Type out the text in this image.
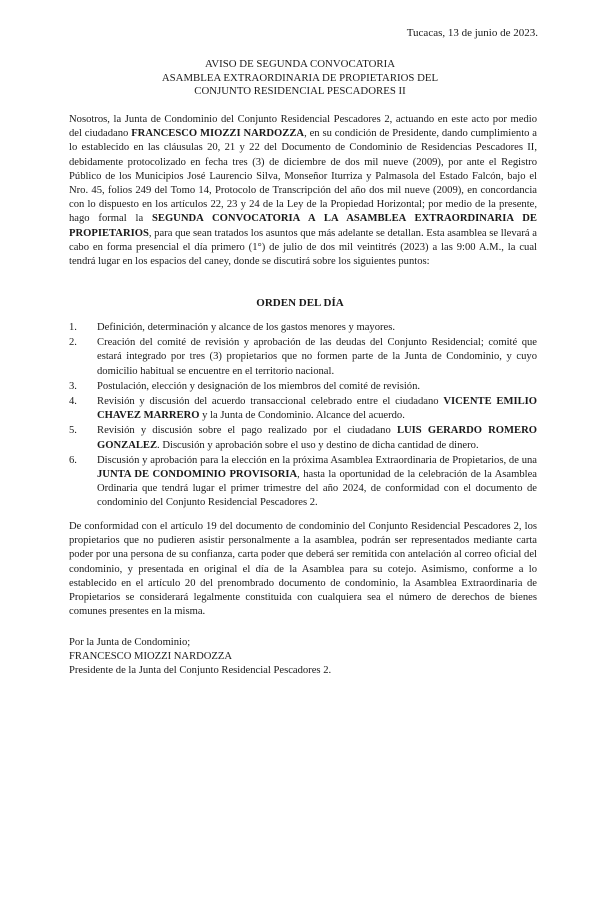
Tucacas, 13 de junio de 2023.
AVISO DE SEGUNDA CONVOCATORIA
ASAMBLEA EXTRAORDINARIA DE PROPIETARIOS DEL
CONJUNTO RESIDENCIAL PESCADORES II
Nosotros, la Junta de Condominio del Conjunto Residencial Pescadores 2, actuando en este acto por medio del ciudadano FRANCESCO MIOZZI NARDOZZA, en su condición de Presidente, dando cumplimiento a lo establecido en las cláusulas 20, 21 y 22 del Documento de Condominio de Residencias Pescadores II, debidamente protocolizado en fecha tres (3) de diciembre de dos mil nueve (2009), por ante el Registro Público de los Municipios José Laurencio Silva, Monseñor Iturriza y Palmasola del Estado Falcón, bajo el Nro. 45, folios 249 del Tomo 14, Protocolo de Transcripción del año dos mil nueve (2009), en concordancia con lo dispuesto en los artículos 22, 23 y 24 de la Ley de la Propiedad Horizontal; por medio de la presente, hago formal la SEGUNDA CONVOCATORIA A LA ASAMBLEA EXTRAORDINARIA DE PROPIETARIOS, para que sean tratados los asuntos que más adelante se detallan. Esta asamblea se llevará a cabo en forma presencial el día primero (1°) de julio de dos mil veintitrés (2023) a las 9:00 A.M., la cual tendrá lugar en los espacios del caney, donde se discutirá sobre los siguientes puntos:
ORDEN DEL DÍA
1.	Definición, determinación y alcance de los gastos menores y mayores.
2.	Creación del comité de revisión y aprobación de las deudas del Conjunto Residencial; comité que estará integrado por tres (3) propietarios que no formen parte de la Junta de Condominio, y cuyo domicilio habitual se encuentre en el territorio nacional.
3.	Postulación, elección y designación de los miembros del comité de revisión.
4.	Revisión y discusión del acuerdo transaccional celebrado entre el ciudadano VICENTE EMILIO CHAVEZ MARRERO y la Junta de Condominio. Alcance del acuerdo.
5.	Revisión y discusión sobre el pago realizado por el ciudadano LUIS GERARDO ROMERO GONZALEZ. Discusión y aprobación sobre el uso y destino de dicha cantidad de dinero.
6.	Discusión y aprobación para la elección en la próxima Asamblea Extraordinaria de Propietarios, de una JUNTA DE CONDOMINIO PROVISORIA, hasta la oportunidad de la celebración de la Asamblea Ordinaria que tendrá lugar el primer trimestre del año 2024, de conformidad con el documento de condominio del Conjunto Residencial Pescadores 2.
De conformidad con el artículo 19 del documento de condominio del Conjunto Residencial Pescadores 2, los propietarios que no pudieren asistir personalmente a la asamblea, podrán ser representados mediante carta poder por una persona de su confianza, carta poder que deberá ser remitida con antelación al correo oficial del condominio, y presentada en original el día de la Asamblea para su cotejo. Asimismo, conforme a lo establecido en el artículo 20 del prenombrado documento de condominio, la Asamblea Extraordinaria de Propietarios se considerará legalmente constituida con cualquiera sea el número de derechos de bienes comunes presentes en la misma.
Por la Junta de Condominio;
FRANCESCO MIOZZI NARDOZZA
Presidente de la Junta del Conjunto Residencial Pescadores 2.
